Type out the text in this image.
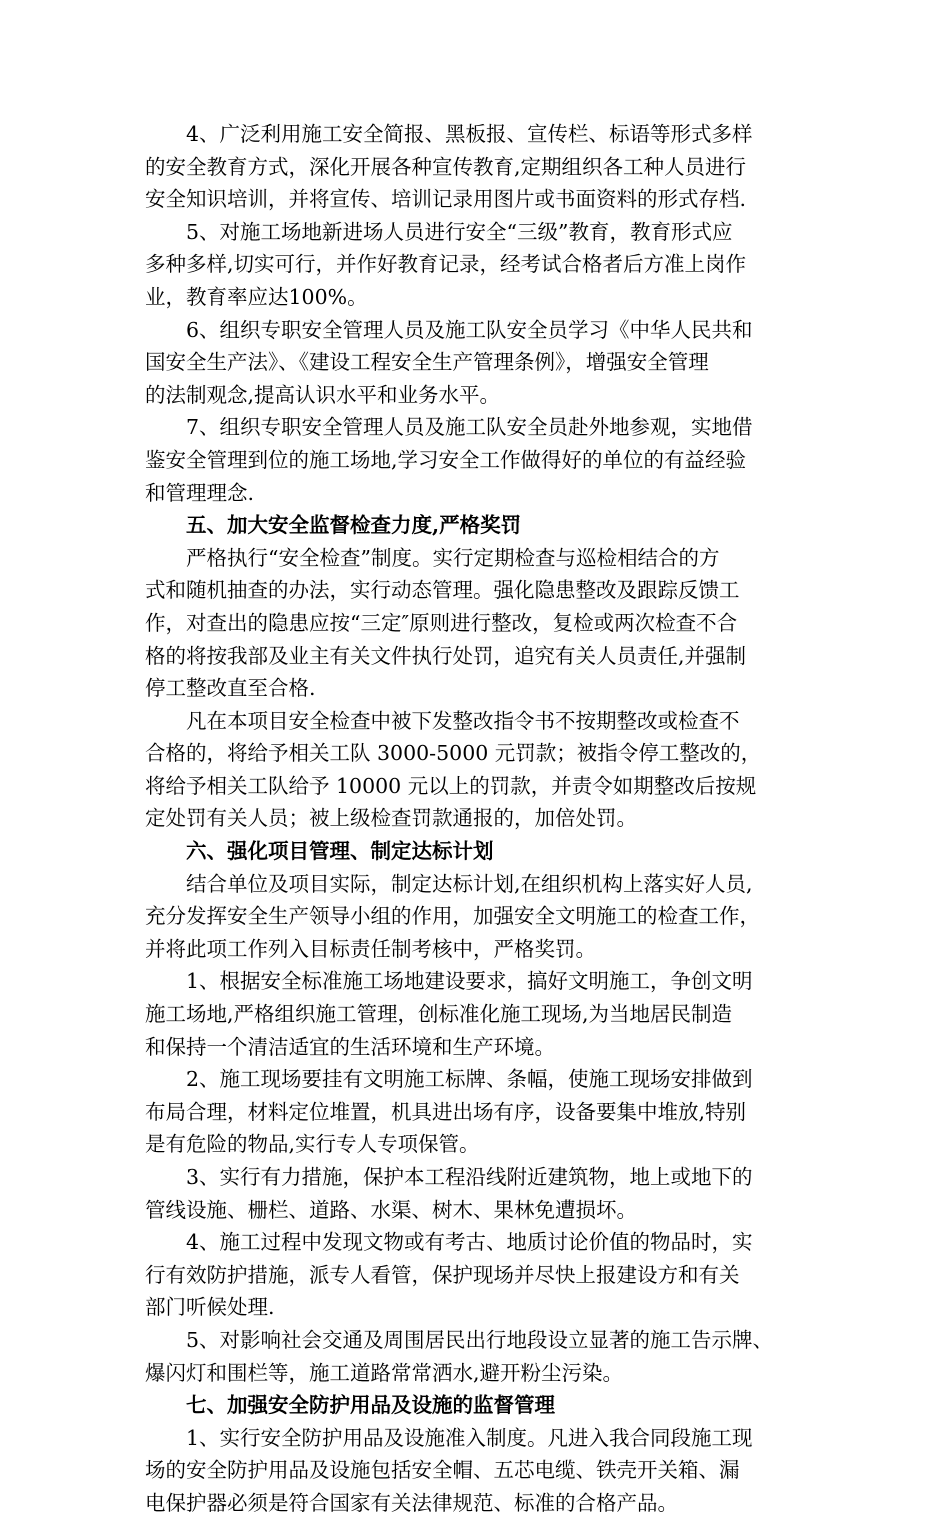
4、广泛利用施工安全简报、黑板报、宣传栏、标语等形式多样
的安全教育方式，深化开展各种宣传教育,定期组织各工种人员进行
安全知识培训，并将宣传、培训记录用图片或书面资料的形式存档.

5、对施工场地新进场人员进行安全“三级”教育，教育形式应
多种多样,切实可行，并作好教育记录，经考试合格者后方准上岗作
业，教育率应达100%。

6、组织专职安全管理人员及施工队安全员学习《中华人民共和
国安全生产法》、《建设工程安全生产管理条例》，增强安全管理
的法制观念,提高认识水平和业务水平。

7、组织专职安全管理人员及施工队安全员赴外地参观，实地借
鉴安全管理到位的施工场地,学习安全工作做得好的单位的有益经验
和管理理念.

五、加大安全监督检查力度,严格奖罚

严格执行“安全检查”制度。实行定期检查与巡检相结合的方
式和随机抽查的办法，实行动态管理。强化隐患整改及跟踪反馈工
作，对查出的隐患应按“三定″原则进行整改，复检或两次检查不合
格的将按我部及业主有关文件执行处罚，追究有关人员责任,并强制
停工整改直至合格.

凡在本项目安全检查中被下发整改指令书不按期整改或检查不
合格的，将给予相关工队 3000-5000 元罚款；被指令停工整改的，
将给予相关工队给予 10000 元以上的罚款，并责令如期整改后按规
定处罚有关人员；被上级检查罚款通报的，加倍处罚。

六、强化项目管理、制定达标计划

结合单位及项目实际，制定达标计划,在组织机构上落实好人员,
充分发挥安全生产领导小组的作用，加强安全文明施工的检查工作，
并将此项工作列入目标责任制考核中，严格奖罚。

1、根据安全标准施工场地建设要求，搞好文明施工，争创文明
施工场地,严格组织施工管理，创标准化施工现场,为当地居民制造
和保持一个清洁适宜的生活环境和生产环境。

2、施工现场要挂有文明施工标牌、条幅，使施工现场安排做到
布局合理，材料定位堆置，机具进出场有序，设备要集中堆放,特别
是有危险的物品,实行专人专项保管。

3、实行有力措施，保护本工程沿线附近建筑物，地上或地下的
管线设施、栅栏、道路、水渠、树木、果林免遭损坏。

4、施工过程中发现文物或有考古、地质讨论价值的物品时，实
行有效防护措施，派专人看管，保护现场并尽快上报建设方和有关
部门听候处理.

5、对影响社会交通及周围居民出行地段设立显著的施工告示牌、
爆闪灯和围栏等，施工道路常常洒水,避开粉尘污染。

七、加强安全防护用品及设施的监督管理

1、实行安全防护用品及设施准入制度。凡进入我合同段施工现
场的安全防护用品及设施包括安全帽、五芯电缆、铁壳开关箱、漏
电保护器必须是符合国家有关法律规范、标准的合格产品。
